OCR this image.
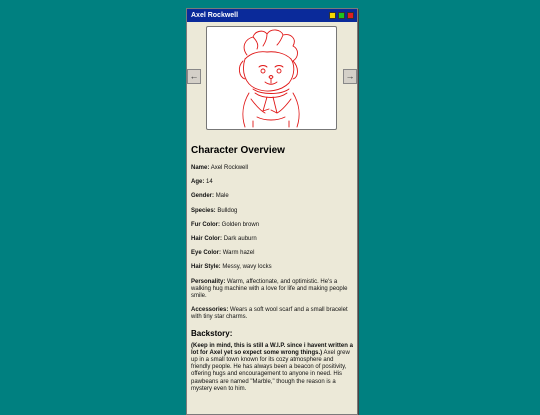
Axel Rockwell
←	→
Character Overview

Name: Axel Rockwell

Age: 14

Gender: Male

Species: Bulldog

Fur Color: Golden brown

Hair Color: Dark auburn

Eye Color: Warm hazel

Hair Style: Messy, wavy locks

Personality: Warm, affectionate, and optimistic. He's a walking hug machine with a love for life and making people smile.

Accessories: Wears a soft wool scarf and a small bracelet with tiny star charms.

Backstory:

(Keep in mind, this is still a W.I.P. since i havent written a lot for Axel yet so expect some wrong things.) Axel grew up in a small town known for its cozy atmosphere and friendly people. He has always been a beacon of positivity, offering hugs and encouragement to anyone in need. His pawbeans are named "Marble," though the reason is a mystery even to him.
